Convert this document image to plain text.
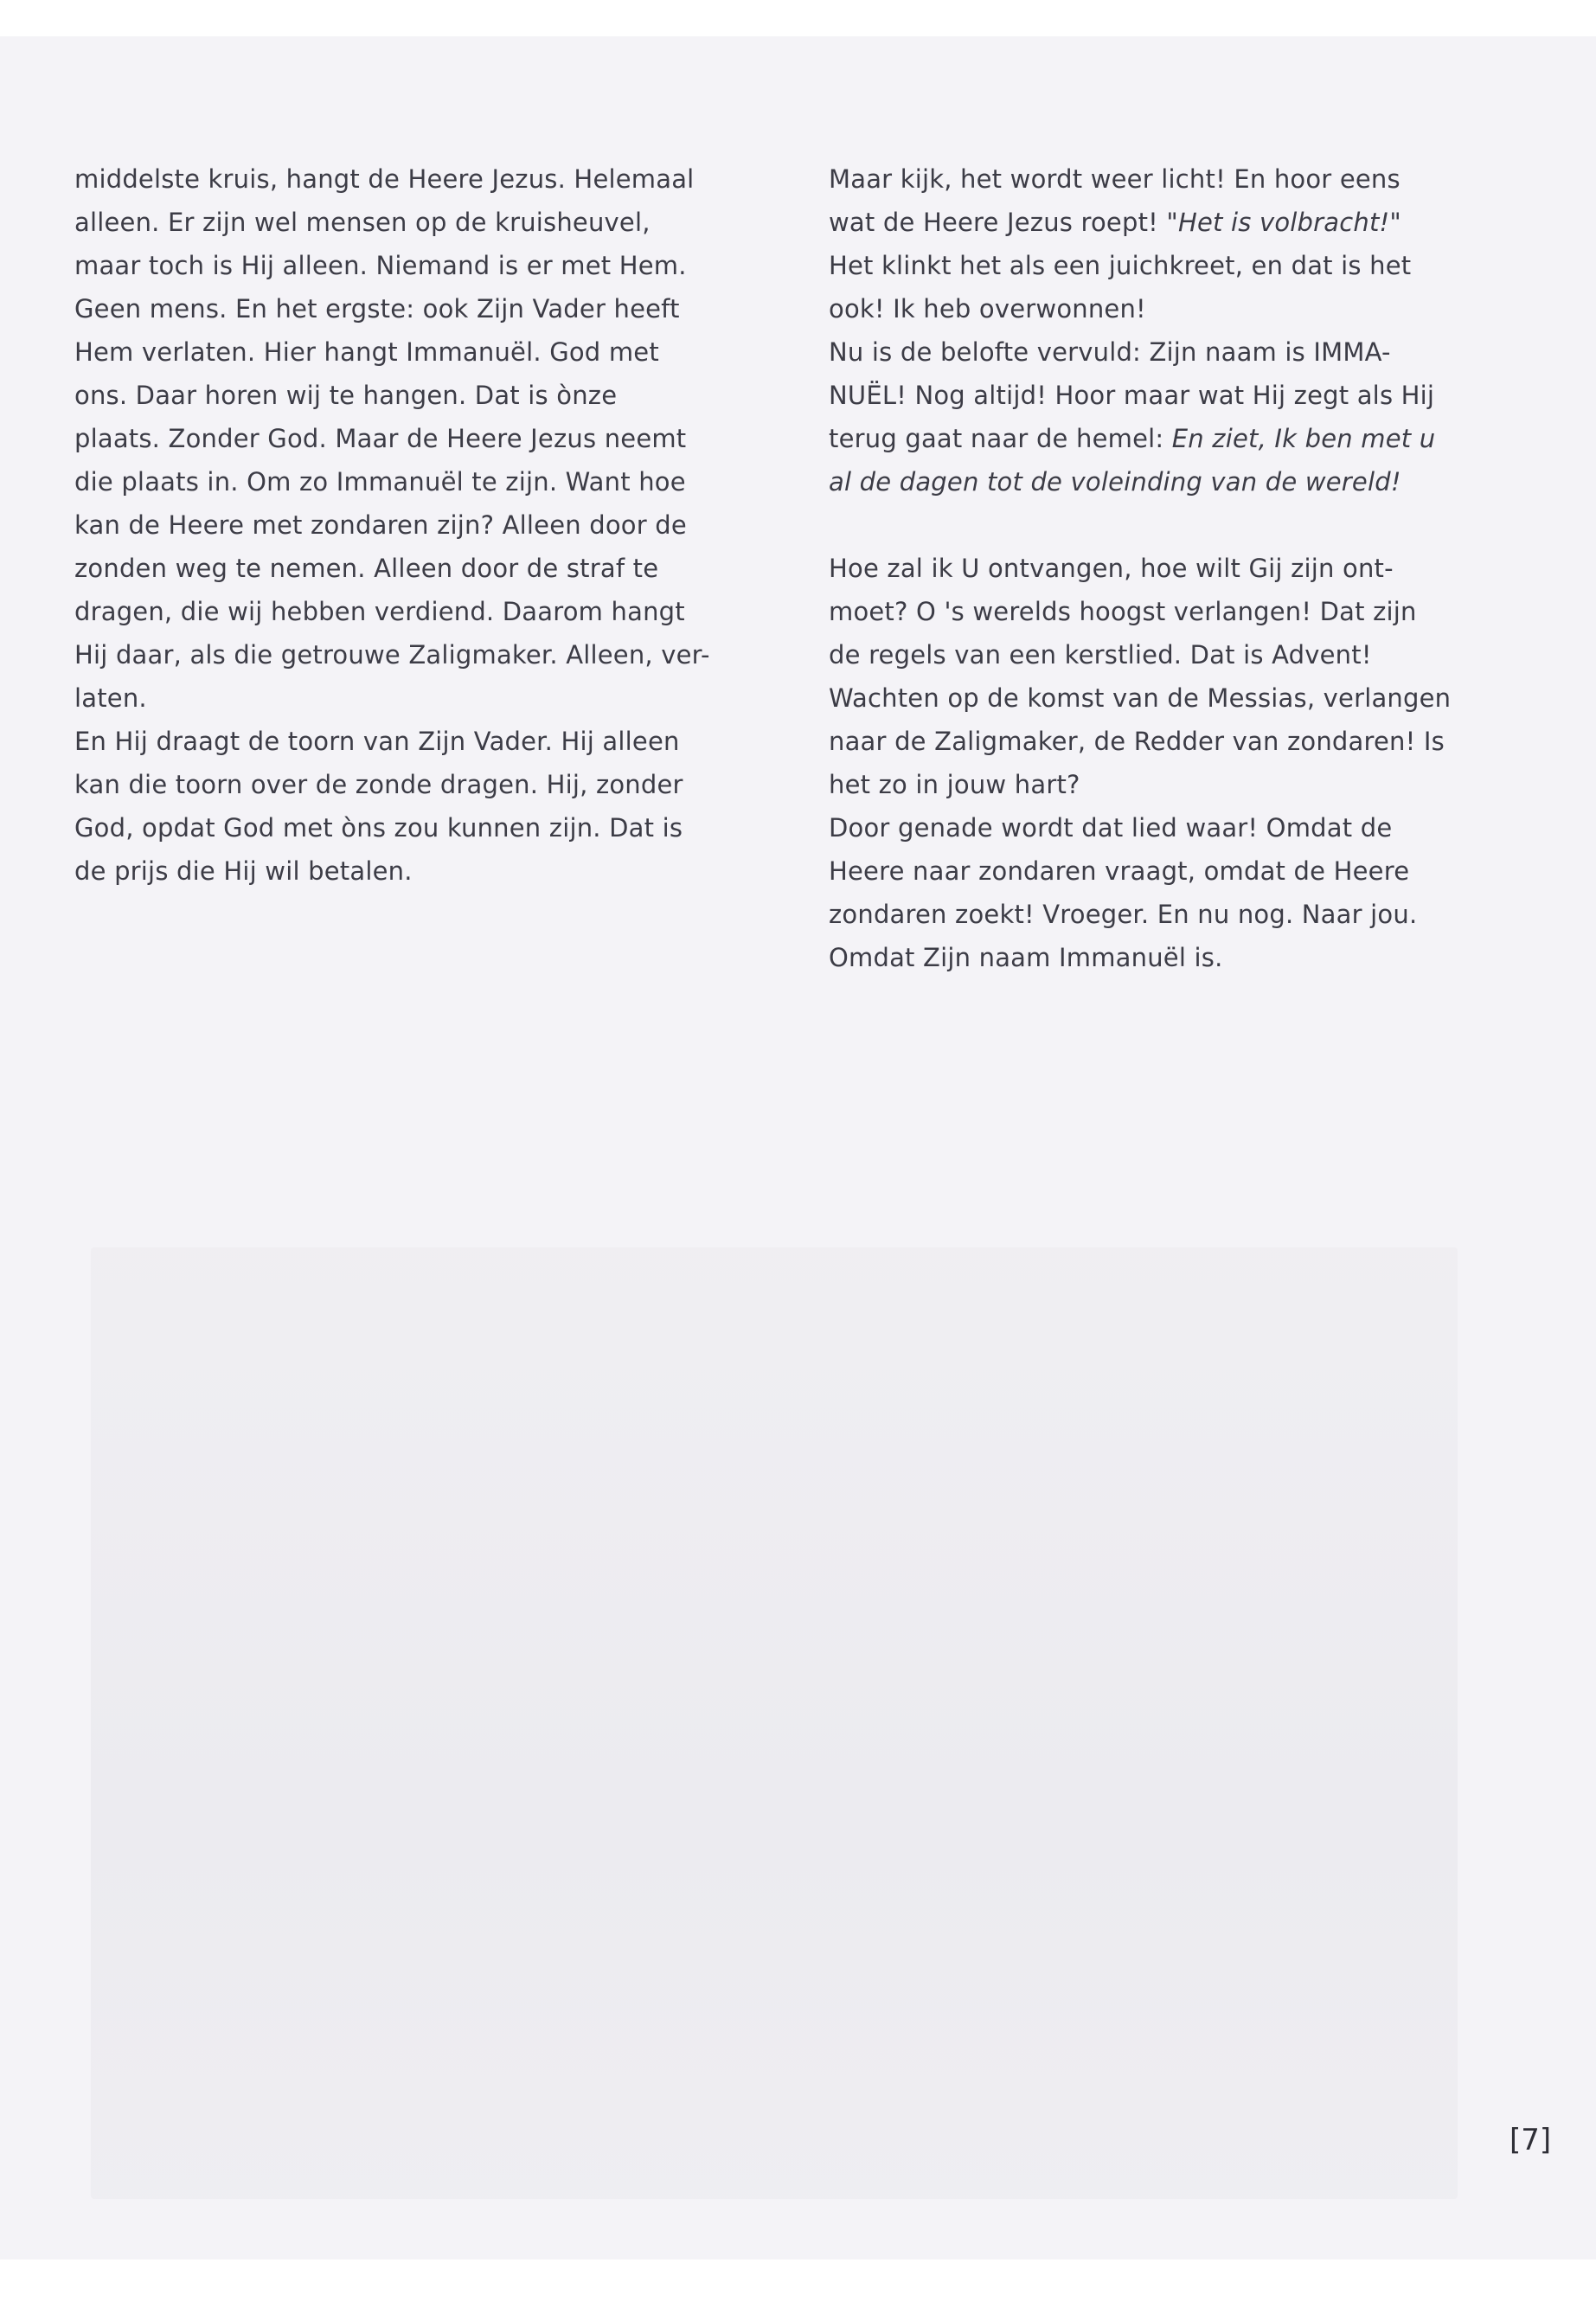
middelste kruis, hangt de Heere Jezus. Helemaal
alleen. Er zijn wel mensen op de kruisheuvel,
maar toch is Hij alleen. Niemand is er met Hem.
Geen mens. En het ergste: ook Zijn Vader heeft
Hem verlaten. Hier hangt Immanuël. God met
ons. Daar horen wij te hangen. Dat is ònze
plaats. Zonder God. Maar de Heere Jezus neemt
die plaats in. Om zo Immanuël te zijn. Want hoe
kan de Heere met zondaren zijn? Alleen door de
zonden weg te nemen. Alleen door de straf te
dragen, die wij hebben verdiend. Daarom hangt
Hij daar, als die getrouwe Zaligmaker. Alleen, ver-
laten.
En Hij draagt de toorn van Zijn Vader. Hij alleen
kan die toorn over de zonde dragen. Hij, zonder
God, opdat God met òns zou kunnen zijn. Dat is
de prijs die Hij wil betalen.

Maar kijk, het wordt weer licht! En hoor eens
wat de Heere Jezus roept! "Het is volbracht!"
Het klinkt het als een juichkreet, en dat is het
ook! Ik heb overwonnen!
Nu is de belofte vervuld: Zijn naam is IMMA-
NUËL! Nog altijd! Hoor maar wat Hij zegt als Hij
terug gaat naar de hemel: En ziet, Ik ben met u
al de dagen tot de voleinding van de wereld!

Hoe zal ik U ontvangen, hoe wilt Gij zijn ont-
moet? O 's werelds hoogst verlangen! Dat zijn
de regels van een kerstlied. Dat is Advent!
Wachten op de komst van de Messias, verlangen
naar de Zaligmaker, de Redder van zondaren! Is
het zo in jouw hart?
Door genade wordt dat lied waar! Omdat de
Heere naar zondaren vraagt, omdat de Heere
zondaren zoekt! Vroeger. En nu nog. Naar jou.
Omdat Zijn naam Immanuël is.

[7]
